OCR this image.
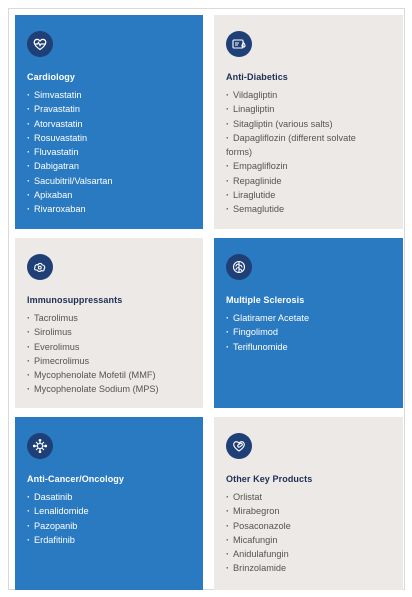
Cardiology
· Simvastatin
· Pravastatin
· Atorvastatin
· Rosuvastatin
· Fluvastatin
· Dabigatran
· Sacubitril/Valsartan
· Apixaban
· Rivaroxaban
Anti-Diabetics
· Vildagliptin
· Linagliptin
· Sitagliptin (various salts)
· Dapagliflozin (different solvate
forms)
· Empagliflozin
· Repaglinide
· Liraglutide
· Semaglutide
Immunosuppressants
· Tacrolimus
· Sirolimus
· Everolimus
· Pimecrolimus
· Mycophenolate Mofetil (MMF)
· Mycophenolate Sodium (MPS)
Multiple Sclerosis
· Glatiramer Acetate
· Fingolimod
· Teriflunomide
Anti-Cancer/Oncology
· Dasatinib
· Lenalidomide
· Pazopanib
· Erdafitinib
Other Key Products
· Orlistat
· Mirabegron
· Posaconazole
· Micafungin
· Anidulafungin
· Brinzolamide
